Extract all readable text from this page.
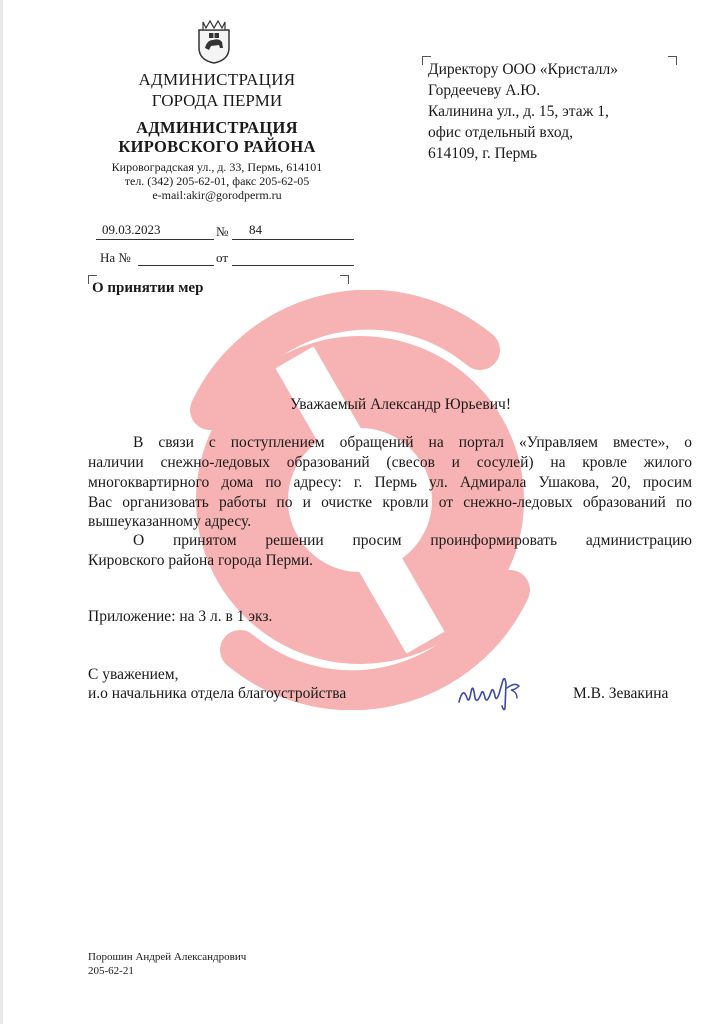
АДМИНИСТРАЦИЯ
ГОРОДА ПЕРМИ
АДМИНИСТРАЦИЯ
КИРОВСКОГО РАЙОНА
Кировоградская ул., д. 33, Пермь, 614101
тел. (342) 205-62-01, факс 205-62-05
e-mail:akir@gorodperm.ru
09.03.2023	№ 84
На №	от
О принятии мер
Директору ООО «Кристалл»
Гордеечеву А.Ю.
Калинина ул., д. 15, этаж 1,
офис отдельный вход,
614109, г. Пермь
Уважаемый Александр Юрьевич!
В связи с поступлением обращений на портал «Управляем вместе», о
наличии снежно-ледовых образований (свесов и сосулей) на кровле жилого
многоквартирного дома по адресу: г. Пермь ул. Адмирала Ушакова, 20, просим
Вас организовать работы по и очистке кровли от снежно-ледовых образований по
вышеуказанному адресу.
О принятом решении просим проинформировать администрацию
Кировского района города Перми.
Приложение: на 3 л. в 1 экз.
С уважением,
и.о начальника отдела благоустройства	М.В. Зевакина
Порошин Андрей Александрович
205-62-21
